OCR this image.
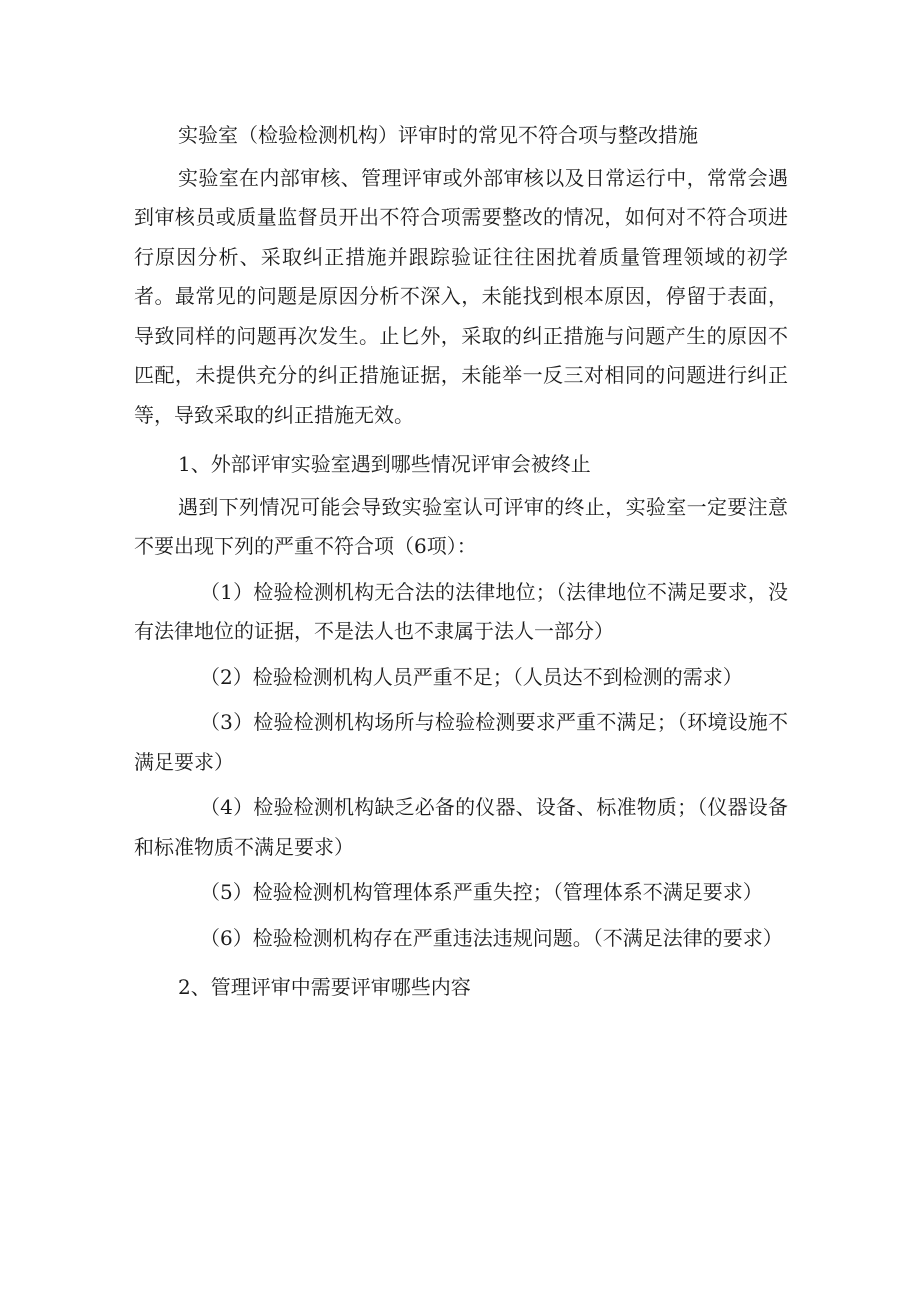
实验室（检验检测机构）评审时的常见不符合项与整改措施

实验室在内部审核、管理评审或外部审核以及日常运行中，常常会遇到审核员或质量监督员开出不符合项需要整改的情况，如何对不符合项进行原因分析、采取纠正措施并跟踪验证往往困扰着质量管理领域的初学者。最常见的问题是原因分析不深入，未能找到根本原因，停留于表面，导致同样的问题再次发生。止匕外，采取的纠正措施与问题产生的原因不匹配，未提供充分的纠正措施证据，未能举一反三对相同的问题进行纠正等，导致采取的纠正措施无效。

1、外部评审实验室遇到哪些情况评审会被终止

遇到下列情况可能会导致实验室认可评审的终止，实验室一定要注意不要出现下列的严重不符合项（6项）：

（1）检验检测机构无合法的法律地位；（法律地位不满足要求，没有法律地位的证据，不是法人也不隶属于法人一部分）

（2）检验检测机构人员严重不足；（人员达不到检测的需求）

（3）检验检测机构场所与检验检测要求严重不满足；（环境设施不满足要求）

（4）检验检测机构缺乏必备的仪器、设备、标准物质；（仪器设备和标准物质不满足要求）

（5）检验检测机构管理体系严重失控；（管理体系不满足要求）

（6）检验检测机构存在严重违法违规问题。（不满足法律的要求）

2、管理评审中需要评审哪些内容
